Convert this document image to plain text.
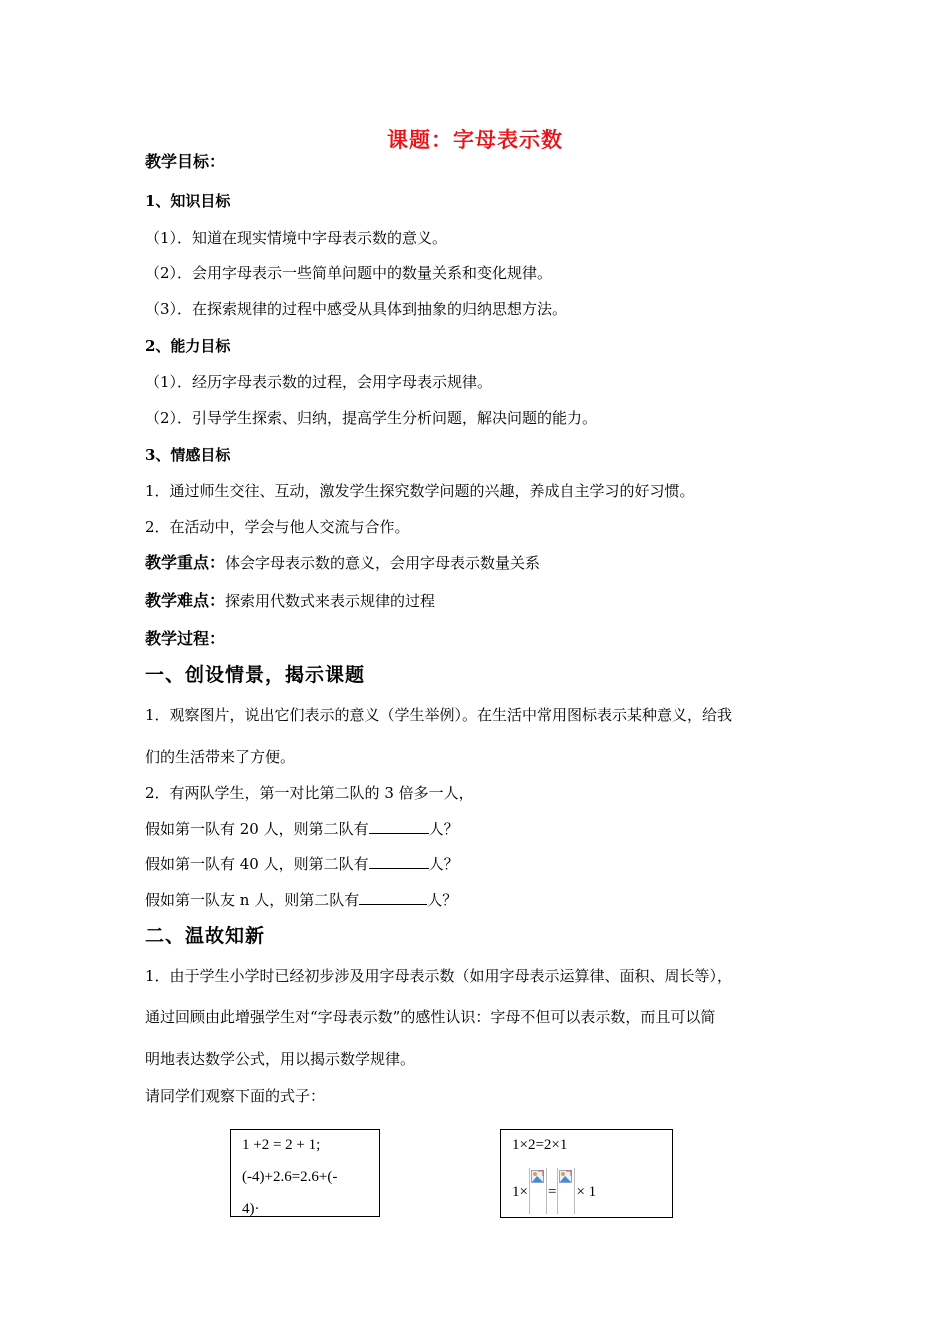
课题：字母表示数
教学目标：
1、知识目标
（1）．知道在现实情境中字母表示数的意义。
（2）．会用字母表示一些简单问题中的数量关系和变化规律。
（3）．在探索规律的过程中感受从具体到抽象的归纳思想方法。
2、能力目标
（1）．经历字母表示数的过程，会用字母表示规律。
（2）．引导学生探索、归纳，提高学生分析问题，解决问题的能力。
3、情感目标
1．通过师生交往、互动，激发学生探究数学问题的兴趣，养成自主学习的好习惯。
2．在活动中，学会与他人交流与合作。
教学重点：体会字母表示数的意义，会用字母表示数量关系
教学难点：探索用代数式来表示规律的过程
教学过程：
一、创设情景，揭示课题
1．观察图片，说出它们表示的意义（学生举例）。在生活中常用图标表示某种意义，给我
们的生活带来了方便。
2．有两队学生，第一对比第二队的 3 倍多一人，
假如第一队有 20 人，则第二队有	人？
假如第一队有 40 人，则第二队有	人？
假如第一队友 n 人，则第二队有	人？
二、温故知新
1．由于学生小学时已经初步涉及用字母表示数（如用字母表示运算律、面积、周长等），
通过回顾由此增强学生对“字母表示数”的感性认识：字母不但可以表示数，而且可以简
明地表达数学公式，用以揭示数学规律。
请同学们观察下面的式子：
1 +2 = 2 + 1;
(-4)+2.6=2.6+(-
4)·
1×2=2×1
1× = × 1
